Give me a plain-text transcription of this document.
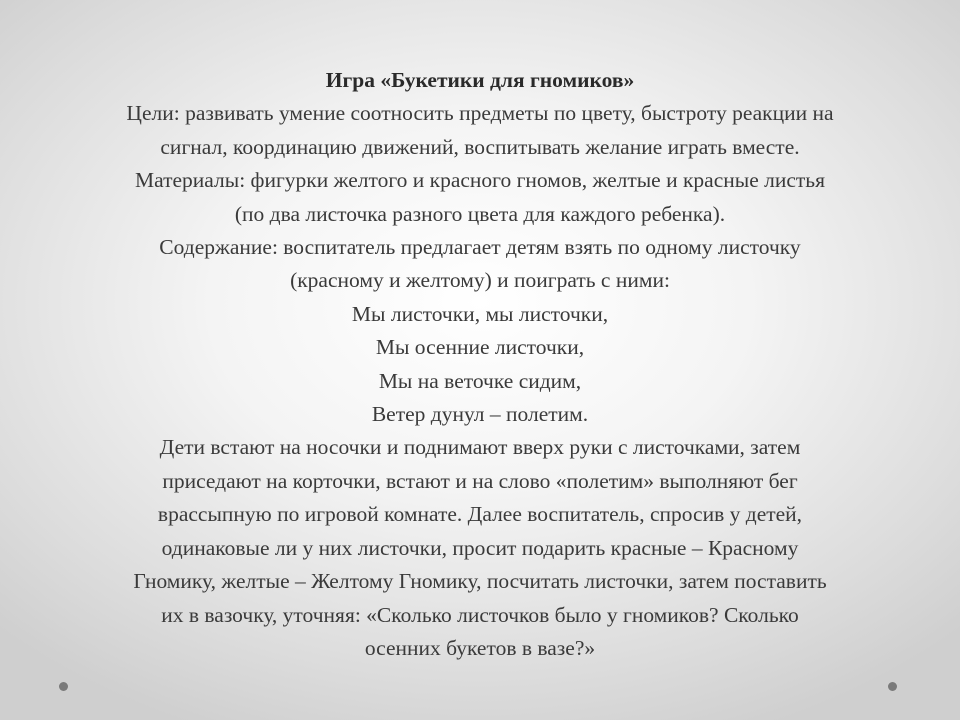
Игра «Букетики для гномиков»
Цели: развивать умение соотносить предметы по цвету, быстроту реакции на
сигнал, координацию движений, воспитывать желание играть вместе.
Материалы: фигурки желтого и красного гномов, желтые и красные листья
(по два листочка разного цвета для каждого ребенка).
Содержание: воспитатель предлагает детям взять по одному листочку
(красному и желтому) и поиграть с ними:
Мы листочки, мы листочки,
Мы осенние листочки,
Мы на веточке сидим,
Ветер дунул – полетим.
Дети встают на носочки и поднимают вверх руки с листочками, затем
приседают на корточки, встают и на слово «полетим» выполняют бег
врассыпную по игровой комнате. Далее воспитатель, спросив у детей,
одинаковые ли у них листочки, просит подарить красные – Красному
Гномику, желтые – Желтому Гномику, посчитать листочки, затем поставить
их в вазочку, уточняя: «Сколько листочков было у гномиков? Сколько
осенних букетов в вазе?»
